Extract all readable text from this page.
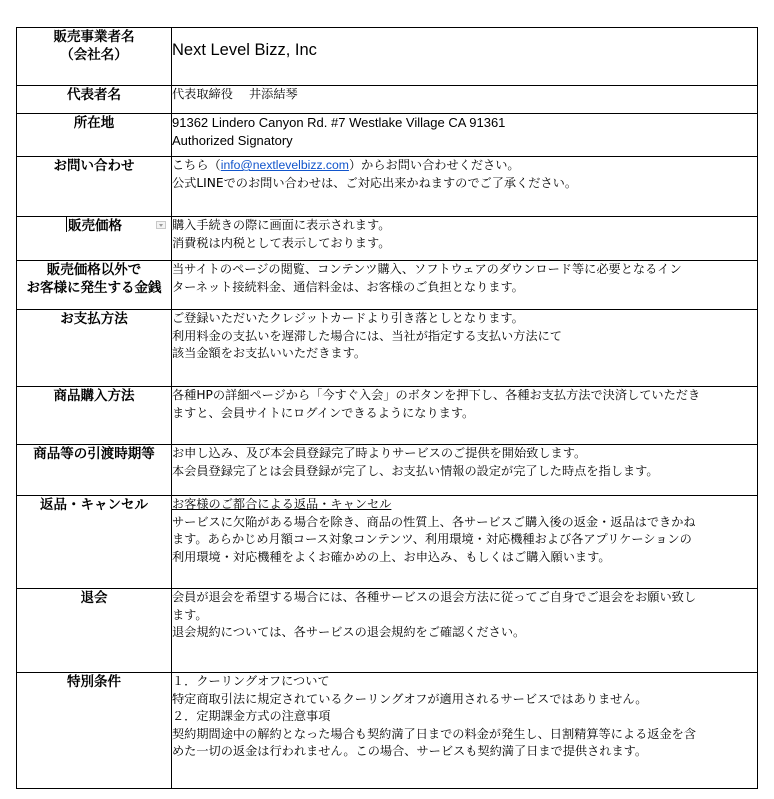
販売事業者名
（会社名）	Next Level Bizz, Inc

代表者名	代表取締役　 井添結琴

所在地	91362 Lindero Canyon Rd. #7 Westlake Village CA 91361
Authorized Signatory

お問い合わせ	こちら（info@nextlevelbizz.com）からお問い合わせください。
公式LINEでのお問い合わせは、ご対応出来かねますのでご了承ください。

販売価格	購入手続きの際に画面に表示されます。
消費税は内税として表示しております。

販売価格以外で
お客様に発生する金銭	当サイトのページの閲覧、コンテンツ購入、ソフトウェアのダウンロード等に必要となるイン
ターネット接続料金、通信料金は、お客様のご負担となります。

お支払方法	ご登録いただいたクレジットカードより引き落としとなります。
利用料金の支払いを遅滞した場合には、当社が指定する支払い方法にて
該当金額をお支払いいただきます。

商品購入方法	各種HPの詳細ページから「今すぐ入会」のボタンを押下し、各種お支払方法で決済していただき
ますと、会員サイトにログインできるようになります。

商品等の引渡時期等	お申し込み、及び本会員登録完了時よりサービスのご提供を開始致します。
本会員登録完了とは会員登録が完了し、お支払い情報の設定が完了した時点を指します。

返品・キャンセル	お客様のご都合による返品・キャンセル
サービスに欠陥がある場合を除き、商品の性質上、各サービスご購入後の返金・返品はできかね
ます。あらかじめ月額コース対象コンテンツ、利用環境・対応機種および各アプリケーションの
利用環境・対応機種をよくお確かめの上、お申込み、もしくはご購入願います。

退会	会員が退会を希望する場合には、各種サービスの退会方法に従ってご自身でご退会をお願い致し
ます。
退会規約については、各サービスの退会規約をご確認ください。

特別条件	１．クーリングオフについて
特定商取引法に規定されているクーリングオフが適用されるサービスではありません。
２．定期課金方式の注意事項
契約期間途中の解約となった場合も契約満了日までの料金が発生し、日割精算等による返金を含
めた一切の返金は行われません。この場合、サービスも契約満了日まで提供されます。
